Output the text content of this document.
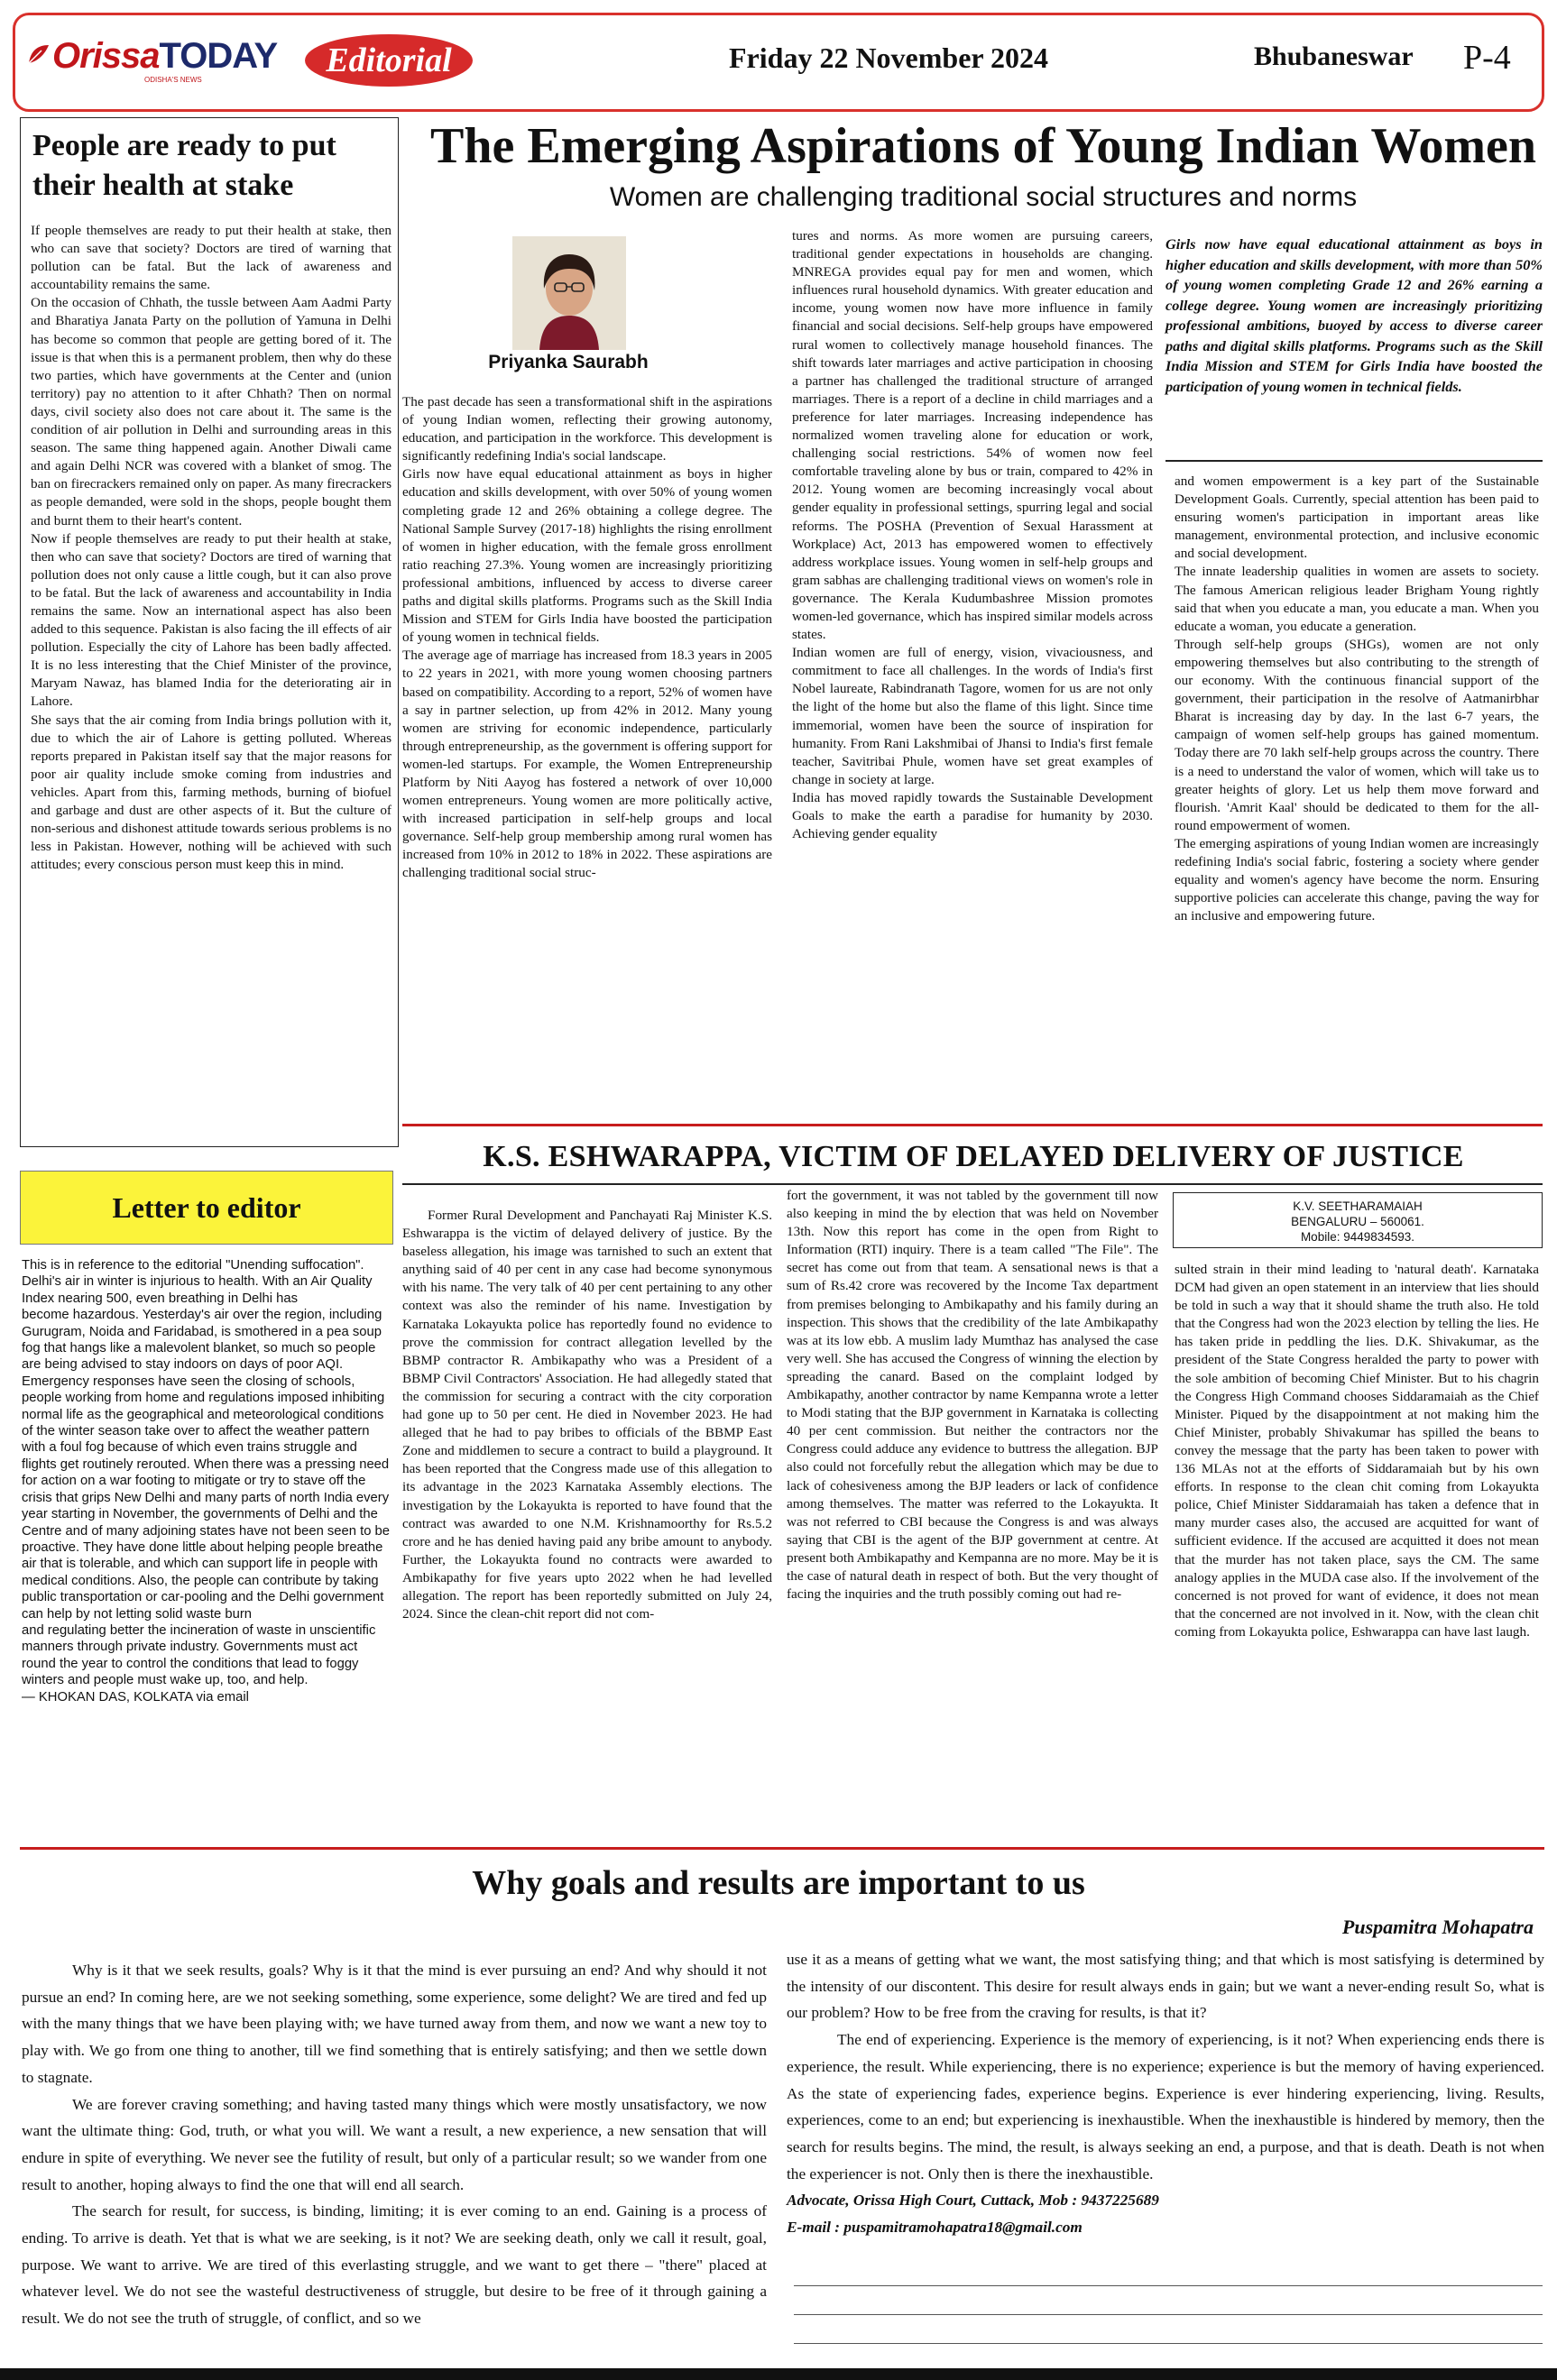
OrissaTODAY
ODISHA'S NEWS
Editorial	Friday 22 November 2024	Bhubaneswar P-4
People are ready to put their health at stake

If people themselves are ready to put their health at stake, then who can save that society? Doctors are tired of warning that pollution can be fatal. But the lack of awareness and accountability remains the same.

On the occasion of Chhath, the tussle between Aam Aadmi Party and Bharatiya Janata Party on the pollution of Yamuna in Delhi has become so common that people are getting bored of it. The issue is that when this is a permanent problem, then why do these two parties, which have governments at the Center and (union territory) pay no attention to it after Chhath? Then on normal days, civil society also does not care about it. The same is the condition of air pollution in Delhi and surrounding areas in this season. The same thing happened again. Another Diwali came and again Delhi NCR was covered with a blanket of smog. The ban on firecrackers remained only on paper. As many firecrackers as people demanded, were sold in the shops, people bought them and burnt them to their heart's content.

Now if people themselves are ready to put their health at stake, then who can save that society? Doctors are tired of warning that pollution does not only cause a little cough, but it can also prove to be fatal. But the lack of awareness and accountability in India remains the same. Now an international aspect has also been added to this sequence. Pakistan is also facing the ill effects of air pollution. Especially the city of Lahore has been badly affected. It is no less interesting that the Chief Minister of the province, Maryam Nawaz, has blamed India for the deteriorating air in Lahore.

She says that the air coming from India brings pollution with it, due to which the air of Lahore is getting polluted. Whereas reports prepared in Pakistan itself say that the major reasons for poor air quality include smoke coming from industries and vehicles. Apart from this, farming methods, burning of biofuel and garbage and dust are other aspects of it. But the culture of non-serious and dishonest attitude towards serious problems is no less in Pakistan. However, nothing will be achieved with such attitudes; every conscious person must keep this in mind.

The Emerging Aspirations of Young Indian Women
Women are challenging traditional social structures and norms
Priyanka Saurabh

The past decade has seen a transformational shift in the aspirations of young Indian women, reflecting their growing autonomy, education, and participation in the workforce. This development is significantly redefining India's social landscape.

Girls now have equal educational attainment as boys in higher education and skills development, with over 50% of young women completing grade 12 and 26% obtaining a college degree. The National Sample Survey (2017-18) highlights the rising enrollment of women in higher education, with the female gross enrollment ratio reaching 27.3%. Young women are increasingly prioritizing professional ambitions, influenced by access to diverse career paths and digital skills platforms. Programs such as the Skill India Mission and STEM for Girls India have boosted the participation of young women in technical fields.

The average age of marriage has increased from 18.3 years in 2005 to 22 years in 2021, with more young women choosing partners based on compatibility. According to a report, 52% of women have a say in partner selection, up from 42% in 2012. Many young women are striving for economic independence, particularly through entrepreneurship, as the government is offering support for women-led startups. For example, the Women Entrepreneurship Platform by Niti Aayog has fostered a network of over 10,000 women entrepreneurs. Young women are more politically active, with increased participation in self-help groups and local governance. Self-help group membership among rural women has increased from 10% in 2012 to 18% in 2022. These aspirations are challenging traditional social struc-

tures and norms. As more women are pursuing careers, traditional gender expectations in households are changing. MNREGA provides equal pay for men and women, which influences rural household dynamics. With greater education and income, young women now have more influence in family financial and social decisions. Self-help groups have empowered rural women to collectively manage household finances. The shift towards later marriages and active participation in choosing a partner has challenged the traditional structure of arranged marriages. There is a report of a decline in child marriages and a preference for later marriages. Increasing independence has normalized women traveling alone for education or work, challenging social restrictions. 54% of women now feel comfortable traveling alone by bus or train, compared to 42% in 2012. Young women are becoming increasingly vocal about gender equality in professional settings, spurring legal and social reforms. The POSHA (Prevention of Sexual Harassment at Workplace) Act, 2013 has empowered women to effectively address workplace issues. Young women in self-help groups and gram sabhas are challenging traditional views on women's role in governance. The Kerala Kudumbashree Mission promotes women-led governance, which has inspired similar models across states.

Indian women are full of energy, vision, vivaciousness, and commitment to face all challenges. In the words of India's first Nobel laureate, Rabindranath Tagore, women for us are not only the light of the home but also the flame of this light. Since time immemorial, women have been the source of inspiration for humanity. From Rani Lakshmibai of Jhansi to India's first female teacher, Savitribai Phule, women have set great examples of change in society at large.

India has moved rapidly towards the Sustainable Development Goals to make the earth a paradise for humanity by 2030. Achieving gender equality

Girls now have equal educational attainment as boys in higher education and skills development, with more than 50% of young women completing Grade 12 and 26% earning a college degree. Young women are increasingly prioritizing professional ambitions, buoyed by access to diverse career paths and digital skills platforms. Programs such as the Skill India Mission and STEM for Girls India have boosted the participation of young women in technical fields.

and women empowerment is a key part of the Sustainable Development Goals. Currently, special attention has been paid to ensuring women's participation in important areas like management, environmental protection, and inclusive economic and social development.

The innate leadership qualities in women are assets to society. The famous American religious leader Brigham Young rightly said that when you educate a man, you educate a man. When you educate a woman, you educate a generation.

Through self-help groups (SHGs), women are not only empowering themselves but also contributing to the strength of our economy. With the continuous financial support of the government, their participation in the resolve of Aatmanirbhar Bharat is increasing day by day. In the last 6-7 years, the campaign of women self-help groups has gained momentum. Today there are 70 lakh self-help groups across the country. There is a need to understand the valor of women, which will take us to greater heights of glory. Let us help them move forward and flourish. 'Amrit Kaal' should be dedicated to them for the all-round empowerment of women.

The emerging aspirations of young Indian women are increasingly redefining India's social fabric, fostering a society where gender equality and women's agency have become the norm. Ensuring supportive policies can accelerate this change, paving the way for an inclusive and empowering future.

Letter to editor

This is in reference to the editorial "Unending suffocation". Delhi's air in winter is injurious to health. With an Air Quality Index nearing 500, even breathing in Delhi has

become hazardous. Yesterday's air over the region, including Gurugram, Noida and Faridabad, is smothered in a pea soup fog that hangs like a malevolent blanket, so much so people are being advised to stay indoors on days of poor AQI.

Emergency responses have seen the closing of schools, people working from home and regulations imposed inhibiting normal life as the geographical and meteorological conditions of the winter season take over to affect the weather pattern with a foul fog because of which even trains struggle and flights get routinely rerouted. When there was a pressing need for action on a war footing to mitigate or try to stave off the crisis that grips New Delhi and many parts of north India every year starting in November, the governments of Delhi and the Centre and of many adjoining states have not been seen to be proactive. They have done little about helping people breathe air that is tolerable, and which can support life in people with medical conditions. Also, the people can contribute by taking public transportation or car-pooling and the Delhi government can help by not letting solid waste burn

and regulating better the incineration of waste in unscientific manners through private industry. Governments must act round the year to control the conditions that lead to foggy winters and people must wake up, too, and help.

— KHOKAN DAS, KOLKATA via email

K.S. ESHWARAPPA, VICTIM OF DELAYED DELIVERY OF JUSTICE

Former Rural Development and Panchayati Raj Minister K.S. Eshwarappa is the victim of delayed delivery of justice. By the baseless allegation, his image was tarnished to such an extent that anything said of 40 per cent in any case had become synonymous with his name. The very talk of 40 per cent pertaining to any other context was also the reminder of his name. Investigation by Karnataka Lokayukta police has reportedly found no evidence to prove the commission for contract allegation levelled by the BBMP contractor R. Ambikapathy who was a President of a BBMP Civil Contractors' Association. He had allegedly stated that the commission for securing a contract with the city corporation had gone up to 50 per cent. He died in November 2023. He had alleged that he had to pay bribes to officials of the BBMP East Zone and middlemen to secure a contract to build a playground. It has been reported that the Congress made use of this allegation to its advantage in the 2023 Karnataka Assembly elections. The investigation by the Lokayukta is reported to have found that the contract was awarded to one N.M. Krishnamoorthy for Rs.5.2 crore and he has denied having paid any bribe amount to anybody. Further, the Lokayukta found no contracts were awarded to Ambikapathy for five years upto 2022 when he had levelled allegation. The report has been reportedly submitted on July 24, 2024. Since the clean-chit report did not com-

fort the government, it was not tabled by the government till now also keeping in mind the by election that was held on November 13th. Now this report has come in the open from Right to Information (RTI) inquiry. There is a team called "The File". The secret has come out from that team. A sensational news is that a sum of Rs.42 crore was recovered by the Income Tax department from premises belonging to Ambikapathy and his family during an inspection. This shows that the credibility of the late Ambikapathy was at its low ebb. A muslim lady Mumthaz has analysed the case very well. She has accused the Congress of winning the election by spreading the canard. Based on the complaint lodged by Ambikapathy, another contractor by name Kempanna wrote a letter to Modi stating that the BJP government in Karnataka is collecting 40 per cent commission. But neither the contractors nor the Congress could adduce any evidence to buttress the allegation. BJP also could not forcefully rebut the allegation which may be due to lack of cohesiveness among the BJP leaders or lack of confidence among themselves. The matter was referred to the Lokayukta. It was not referred to CBI because the Congress is and was always saying that CBI is the agent of the BJP government at centre. At present both Ambikapathy and Kempanna are no more. May be it is the case of natural death in respect of both. But the very thought of facing the inquiries and the truth possibly coming out had re-

K.V. SEETHARAMAIAH
BENGALURU – 560061.
Mobile: 9449834593.

sulted strain in their mind leading to 'natural death'. Karnataka DCM had given an open statement in an interview that lies should be told in such a way that it should shame the truth also. He told that the Congress had won the 2023 election by telling the lies. He has taken pride in peddling the lies. D.K. Shivakumar, as the president of the State Congress heralded the party to power with the sole ambition of becoming Chief Minister. But to his chagrin the Congress High Command chooses Siddaramaiah as the Chief Minister. Piqued by the disappointment at not making him the Chief Minister, probably Shivakumar has spilled the beans to convey the message that the party has been taken to power with 136 MLAs not at the efforts of Siddaramaiah but by his own efforts. In response to the clean chit coming from Lokayukta police, Chief Minister Siddaramaiah has taken a defence that in many murder cases also, the accused are acquitted for want of sufficient evidence. If the accused are acquitted it does not mean that the murder has not taken place, says the CM. The same analogy applies in the MUDA case also. If the involvement of the concerned is not proved for want of evidence, it does not mean that the concerned are not involved in it. Now, with the clean chit coming from Lokayukta police, Eshwarappa can have last laugh.

Why goals and results are important to us
Puspamitra Mohapatra

Why is it that we seek results, goals? Why is it that the mind is ever pursuing an end? And why should it not pursue an end? In coming here, are we not seeking something, some experience, some delight? We are tired and fed up with the many things that we have been playing with; we have turned away from them, and now we want a new toy to play with. We go from one thing to another, till we find something that is entirely satisfying; and then we settle down to stagnate.

We are forever craving something; and having tasted many things which were mostly unsatisfactory, we now want the ultimate thing: God, truth, or what you will. We want a result, a new experience, a new sensation that will endure in spite of everything. We never see the futility of result, but only of a particular result; so we wander from one result to another, hoping always to find the one that will end all search.

The search for result, for success, is binding, limiting; it is ever coming to an end. Gaining is a process of ending. To arrive is death. Yet that is what we are seeking, is it not? We are seeking death, only we call it result, goal, purpose. We want to arrive. We are tired of this everlasting struggle, and we want to get there – "there" placed at whatever level. We do not see the wasteful destructiveness of struggle, but desire to be free of it through gaining a result. We do not see the truth of struggle, of conflict, and so we

use it as a means of getting what we want, the most satisfying thing; and that which is most satisfying is determined by the intensity of our discontent. This desire for result always ends in gain; but we want a never-ending result So, what is our problem? How to be free from the craving for results, is that it?

The end of experiencing. Experience is the memory of experiencing, is it not? When experiencing ends there is experience, the result. While experiencing, there is no experience; experience is but the memory of having experienced. As the state of experiencing fades, experience begins. Experience is ever hindering experiencing, living. Results, experiences, come to an end; but experiencing is inexhaustible. When the inexhaustible is hindered by memory, then the search for results begins. The mind, the result, is always seeking an end, a purpose, and that is death. Death is not when the experiencer is not. Only then is there the inexhaustible.

Advocate, Orissa High Court, Cuttack, Mob : 9437225689

E-mail : puspamitramohapatra18@gmail.com
